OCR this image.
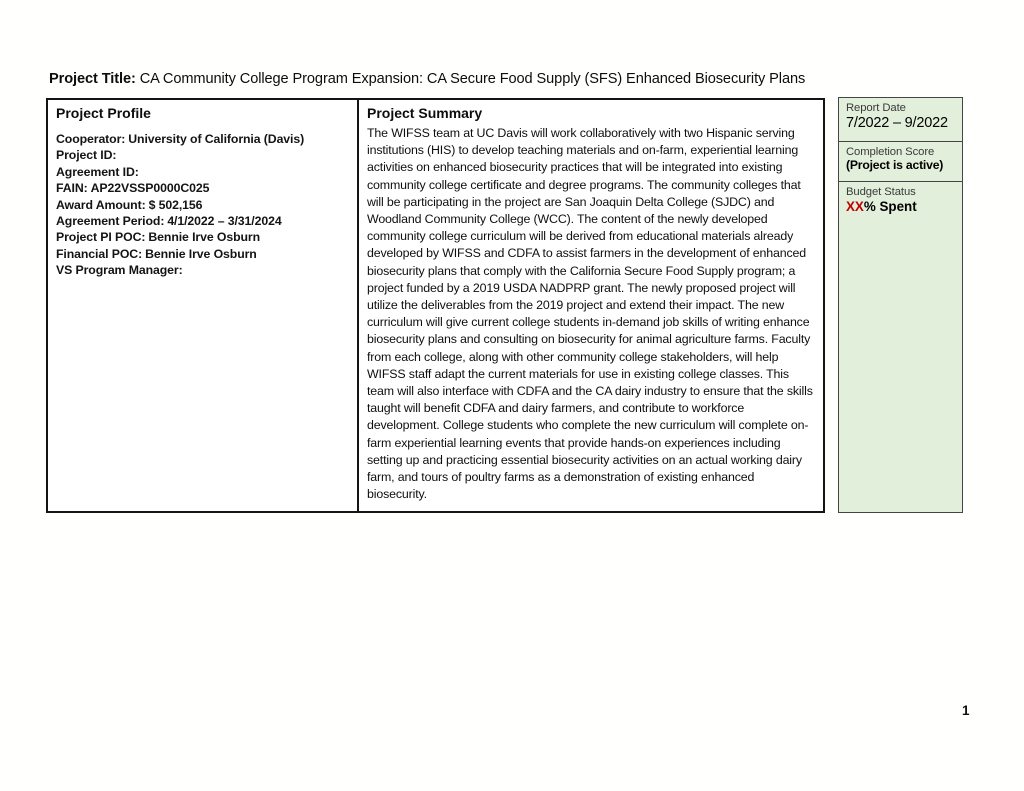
Project Title: CA Community College Program Expansion: CA Secure Food Supply (SFS) Enhanced Biosecurity Plans
Project Profile
Cooperator: University of California (Davis)
Project ID:
Agreement ID:
FAIN: AP22VSSP0000C025
Award Amount: $ 502,156
Agreement Period: 4/1/2022 – 3/31/2024
Project PI POC: Bennie Irve Osburn
Financial POC: Bennie Irve Osburn
VS Program Manager:
Project Summary
The WIFSS team at UC Davis will work collaboratively with two Hispanic serving institutions (HIS) to develop teaching materials and on-farm, experiential learning activities on enhanced biosecurity practices that will be integrated into existing community college certificate and degree programs. The community colleges that will be participating in the project are San Joaquin Delta College (SJDC) and Woodland Community College (WCC). The content of the newly developed community college curriculum will be derived from educational materials already developed by WIFSS and CDFA to assist farmers in the development of enhanced biosecurity plans that comply with the California Secure Food Supply program; a project funded by a 2019 USDA NADPRP grant. The newly proposed project will utilize the deliverables from the 2019 project and extend their impact. The new curriculum will give current college students in-demand job skills of writing enhance biosecurity plans and consulting on biosecurity for animal agriculture farms. Faculty from each college, along with other community college stakeholders, will help WIFSS staff adapt the current materials for use in existing college classes. This team will also interface with CDFA and the CA dairy industry to ensure that the skills taught will benefit CDFA and dairy farmers, and contribute to workforce development. College students who complete the new curriculum will complete on-farm experiential learning events that provide hands-on experiences including setting up and practicing essential biosecurity activities on an actual working dairy farm, and tours of poultry farms as a demonstration of existing enhanced biosecurity.
Report Date
7/2022 – 9/2022
Completion Score
(Project is active)
Budget Status
XX% Spent
1
